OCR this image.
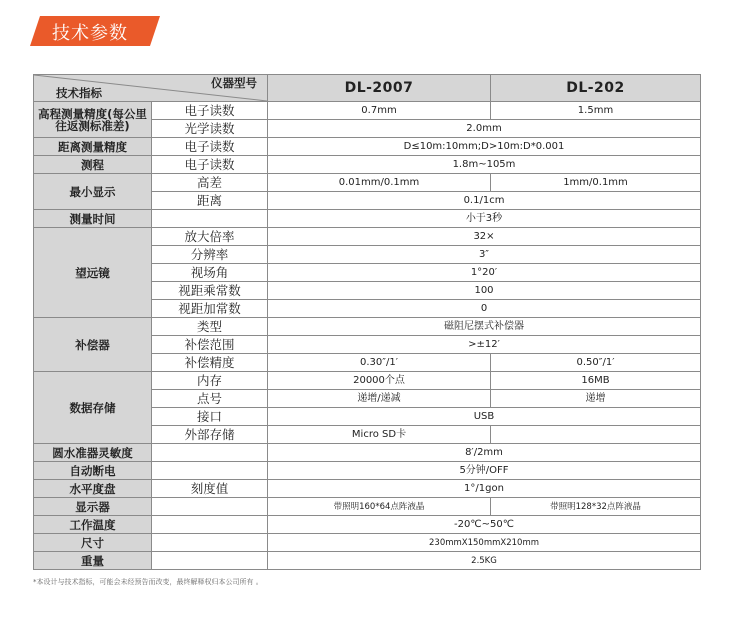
技术参数
仪器型号
技术指标		DL-2007	DL-202
高程测量精度(每公里往返测标准差)	电子读数	0.7mm	1.5mm
	光学读数	2.0mm	
距离测量精度	电子读数	D≤10m:10mm;D>10m:D*0.001	
测程	电子读数	1.8m~105m	
最小显示	高差	0.01mm/0.1mm	1mm/0.1mm
	距离	0.1/1cm	
测量时间		小于3秒	
望远镜	放大倍率	32×	
	分辨率	3″	
	视场角	1°20′	
	视距乘常数	100	
	视距加常数	0	
补偿器	类型	磁阻尼摆式补偿器	
	补偿范围	>±12′	
	补偿精度	0.30″/1′	0.50″/1′
数据存储	内存	20000个点	16MB
	点号	递增/递减	递增
	接口	USB	
	外部存储	Micro SD卡	
圆水准器灵敏度		8′/2mm	
自动断电		5分钟/OFF	
水平度盘	刻度值	1°/1gon	
显示器		带照明160*64点阵液晶	带照明128*32点阵液晶
工作温度		-20℃~50℃	
尺寸		230mmX150mmX210mm	
重量		2.5KG	
*本设计与技术指标，可能会未经预告而改变，最终解释权归本公司所有 。
